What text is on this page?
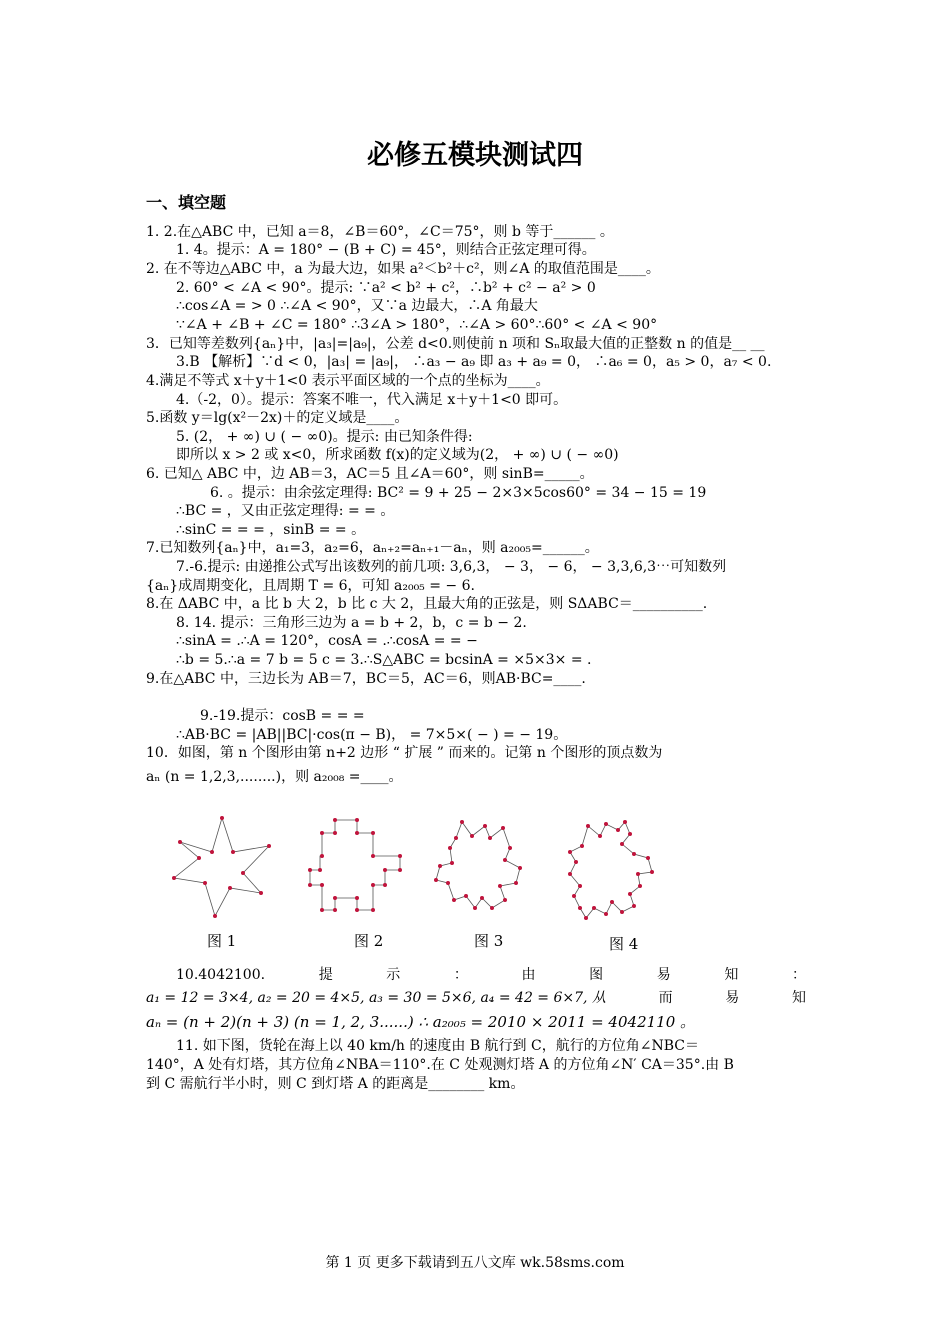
必修五模块测试四
一、填空题
1. 2.在△ABC 中，已知 a＝8，∠B＝60°，∠C＝75°，则 b 等于______ 。
1. 4。提示：A = 180° − (B + C) = 45°，则结合正弦定理可得。
2. 在不等边△ABC 中，a 为最大边，如果 a²＜b²＋c²，则∠A 的取值范围是____。
2. 60° < ∠A < 90°。提示: ∵a² < b² + c²，∴b² + c² − a² > 0
∴cos∠A = > 0 ∴∠A < 90°，又∵a 边最大，∴A 角最大
∵∠A + ∠B + ∠C = 180° ∴3∠A > 180°，∴∠A > 60°∴60° < ∠A < 90°
3．已知等差数列{aₙ}中，|a₃|=|a₉|，公差 d<0.则使前 n 项和 Sₙ取最大值的正整数 n 的值是__ __
3.B 【解析】∵d < 0，|a₃| = |a₉|， ∴a₃ − a₉ 即 a₃ + a₉ = 0， ∴a₆ = 0，a₅ > 0，a₇ < 0.
4.满足不等式 x＋y＋1<0 表示平面区域的一个点的坐标为____。
4.（-2，0）。提示：答案不唯一，代入满足 x＋y＋1<0 即可。
5.函数 y＝lg(x²－2x)＋的定义域是____。
5. (2， + ∞) ∪ ( − ∞0)。提示: 由已知条件得:
即所以 x > 2 或 x<0，所求函数 f(x)的定义域为(2， + ∞) ∪ ( − ∞0)
6. 已知△ ABC 中，边 AB＝3，AC＝5 且∠A＝60°，则 sinB=_____。
6. 。提示：由余弦定理得: BC² = 9 + 25 − 2×3×5cos60° = 34 − 15 = 19
∴BC = ，又由正弦定理得: = = 。
∴sinC = = = ，sinB = = 。
7.已知数列{aₙ}中，a₁=3，a₂=6，aₙ₊₂=aₙ₊₁－aₙ，则 a₂₀₀₅=______。
7.-6.提示: 由递推公式写出该数列的前几项: 3,6,3， − 3， − 6， − 3,3,6,3⋯可知数列
{aₙ}成周期变化，且周期 T = 6，可知 a₂₀₀₅ = − 6.
8.在 ΔABC 中，a 比 b 大 2，b 比 c 大 2，且最大角的正弦是，则 SΔABC＝__________.
8. 14. 提示：三角形三边为 a = b + 2，b，c = b − 2.
∴sinA = .∴A = 120°，cosA = .∴cosA = = −
∴b = 5.∴a = 7 b = 5 c = 3.∴S△ABC = bcsinA = ×5×3× = .
9.在△ABC 中，三边长为 AB＝7，BC＝5，AC＝6，则AB·BC=____.
9.-19.提示：cosB = = =
∴AB·BC = |AB||BC|·cos(π − B)， = 7×5×( − ) = − 19。
10．如图，第 n 个图形由第 n+2 边形 “ 扩展 ” 而来的。记第 n 个图形的顶点数为
aₙ (n = 1,2,3,........)，则 a₂₀₀₈ =____。
11. 如下图，货轮在海上以 40 km/h 的速度由 B 航行到 C，航行的方位角∠NBC＝
140°，A 处有灯塔，其方位角∠NBA＝110°.在 C 处观测灯塔 A 的方位角∠N′ CA＝35°.由 B
到 C 需航行半小时，则 C 到灯塔 A 的距离是________ km。
图 1	图 2	图 3	图 4
10.4042100.	提	示	：	由	图	易	知	：
a₁ = 12 = 3×4, a₂ = 20 = 4×5, a₃ = 30 = 5×6, a₄ = 42 = 6×7, 从	而	易	知
aₙ = (n + 2)(n + 3) (n = 1, 2, 3......) ∴ a₂₀₀₅ = 2010 × 2011 = 4042110 。
第 1 页 更多下载请到五八文库 wk.58sms.com
